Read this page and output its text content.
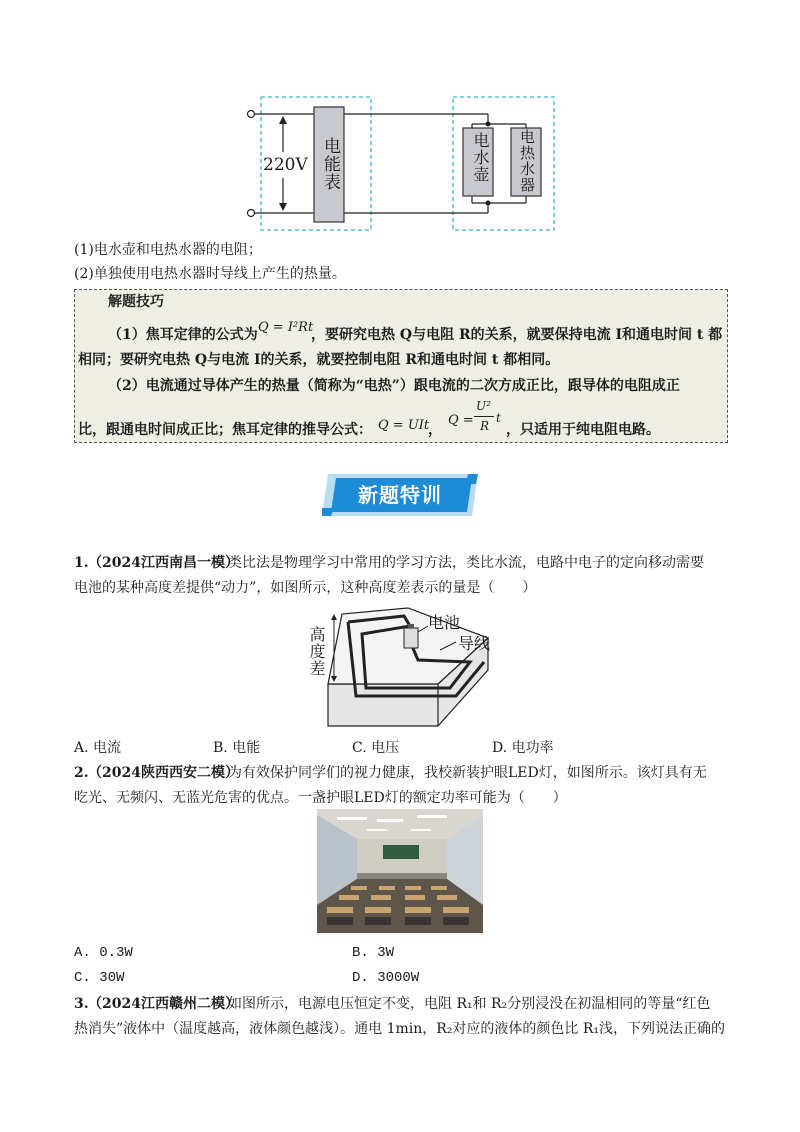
220V 电能表	电水壶 电热水器
(1)电水壶和电热水器的电阻；
(2)单独使用电热水器时导线上产生的热量。
解题技巧
（1）焦耳定律的公式为 Q = I²Rt
，要研究电热 Q与电阻 R的关系，就要保持电流 I和通电时间 t 都
相同；要研究电热 Q与电流 I的关系，就要控制电阻 R和通电时间 t 都相同。
（2）电流通过导体产生的热量（简称为“电热”）跟电流的二次方成正比，跟导体的电阻成正
比，跟通电时间成正比；焦耳定律的推导公式： Q = UIt
，
Q =
U²
R
t
，只适用于纯电阻电路。
新题特训
1. （2024江西南昌一模）
类比法是物理学习中常用的学习方法，类比水流，电路中电子的定向移动需要
电池的某种高度差提供“动力”，如图所示，这种高度差表示的量是（　　）
高度差
电池
导线
A. 电流	B. 电能	C. 电压	D. 电功率
2. （2024陕西西安二模）
为有效保护同学们的视力健康，我校新装护眼LED灯，如图所示。该灯具有无
吃光、无频闪、无蓝光危害的优点。一盏护眼LED灯的额定功率可能为（　　）
A. 0.3W	B. 3W
C. 30W	D. 3000W
3. （2024江西赣州二模）
如图所示，电源电压恒定不变，电阻 R₁和 R₂分别浸没在初温相同的等量“红色
热消失”液体中（温度越高，液体颜色越浅）。通电 1min，R₂对应的液体的颜色比 R₁浅，下列说法正确的
